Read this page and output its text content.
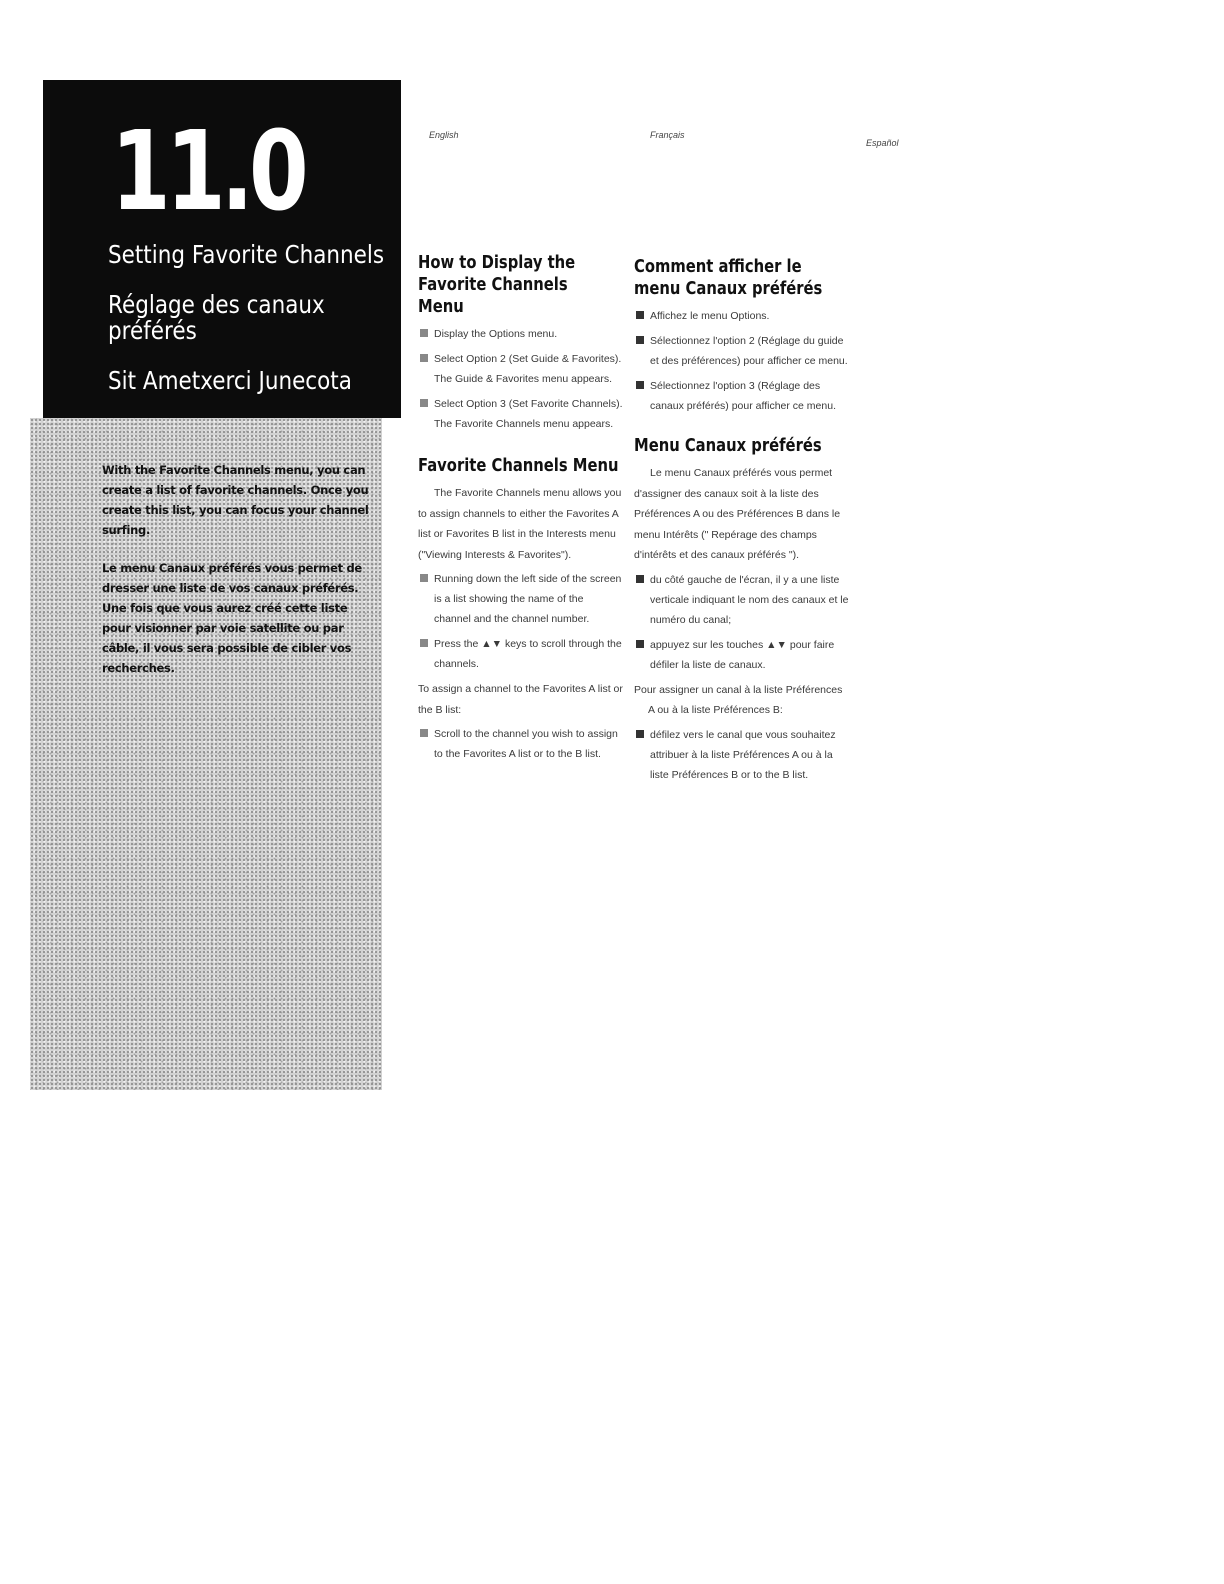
11.0
Setting Favorite Channels
Réglage des canaux préférés
Sit Ametxerci Junecota
With the Favorite Channels menu, you can create a list of favorite channels. Once you create this list, you can focus your channel surfing.
Le menu Canaux préférés vous permet de dresser une liste de vos canaux préférés. Une fois que vous aurez créé cette liste pour visionner par voie satellite ou par câble, il vous sera possible de cibler vos recherches.
English	Français
Español
How to Display the Favorite Channels Menu
Display the Options menu.
Select Option 2 (Set Guide & Favorites). The Guide & Favorites menu appears.
Select Option 3 (Set Favorite Channels). The Favorite Channels menu appears.
Favorite Channels Menu
The Favorite Channels menu allows you to assign channels to either the Favorites A list or Favorites B list in the Interests menu ("Viewing Interests & Favorites").
Running down the left side of the screen is a list showing the name of the channel and the channel number.
Press the ▲▼ keys to scroll through the channels.
To assign a channel to the Favorites A list or the B list:
Scroll to the channel you wish to assign to the Favorites A list or to the B list.
Comment afficher le menu Canaux préférés
Affichez le menu Options.
Sélectionnez l'option 2 (Réglage du guide et des préférences) pour afficher ce menu.
Sélectionnez l'option 3 (Réglage des canaux préférés) pour afficher ce menu.
Menu Canaux préférés
Le menu Canaux préférés vous permet d'assigner des canaux soit à la liste des Préférences A ou des Préférences B dans le menu Intérêts (" Repérage des champs d'intérêts et des canaux préférés ").
du côté gauche de l'écran, il y a une liste verticale indiquant le nom des canaux et le numéro du canal;
appuyez sur les touches ▲▼ pour faire défiler la liste de canaux.
Pour assigner un canal à la liste Préférences A ou à la liste Préférences B:
défilez vers le canal que vous souhaitez attribuer à la liste Préférences A ou à la liste Préférences B or to the B list.
